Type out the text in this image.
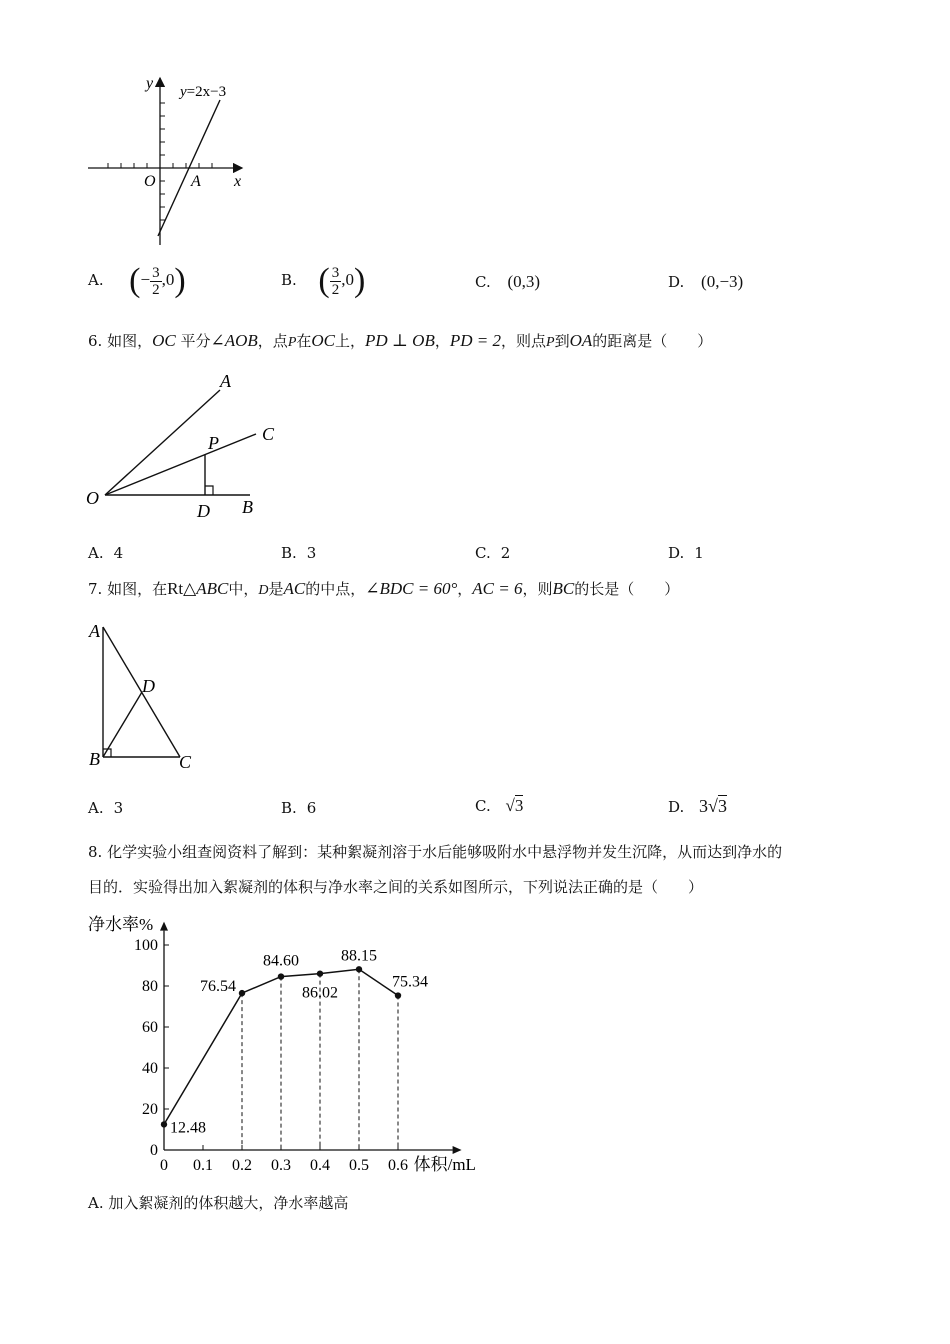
y
x
O A
y=2x−3
A. (− $\frac{3}{2} ,0$)	B. ( $\frac{3}{2} ,0$)	C. (0,3)	D. (0,−3)
6. 如图，OC 平分∠AOB，点P在OC上，PD ⊥ OB，PD = 2，则点P到OA的距离是（　　）
A
C
P
O
D B
A. 4	B. 3	C. 2	D. 1
7. 如图，在Rt△ABC中，D是AC的中点，∠BDC = 60°，AC = 6，则BC的长是（　　）
A
D
B	C
A. 3	B. 6	C. √3	D. 3√3
8. 化学实验小组查阅资料了解到：某种絮凝剂溶于水后能够吸附水中悬浮物并发生沉降，从而达到净水的
目的．实验得出加入絮凝剂的体积与净水率之间的关系如图所示，下列说法正确的是（　　）
0
20
40
60
80
100
0 0.1 0.2 0.3 0.4 0.5 0.6
净水率%
体积/mL
12.48
76.54
84.60
86.02
88.15
75.34
A. 加入絮凝剂的体积越大，净水率越高
